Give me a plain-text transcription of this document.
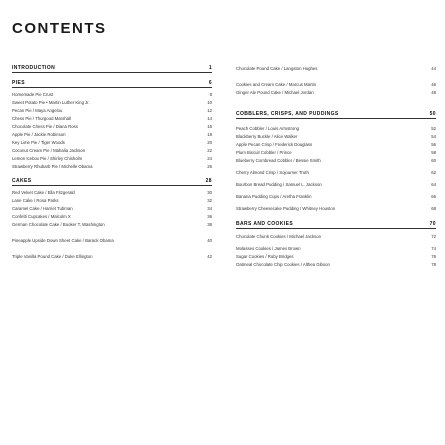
CONTENTS
INTRODUCTION	1
PIES	6
Homemade Pie Crust	8
Sweet Potato Pie • Martin Luther King Jr.	10
Pecan Pie / Maya Angelou	12
Chess Pie / Thurgood Marshall	14
Chocolate Chess Pie / Diana Ross	16
Apple Pie / Jackie Robinson	18
Key Lime Pie / Tiger Woods	20
Coconut Cream Pie / Mahalia Jackson	22
Lemon Icebox Pie / Shirley Chisholm	24
Strawberry Rhubarb Pie / Michelle Obama	26
CAKES	28
Red Velvet Cake / Ella Fitzgerald	30
Lane Cake / Rosa Parks	32
Caramel Cake / Harriet Tubman	34
Confetti Cupcakes / Malcolm X	36
German Chocolate Cake / Booker T. Washington	38
Pineapple Upside Down Sheet Cake / Barack Obama	40
Triple Vanilla Pound Cake / Duke Ellington	42
Chocolate Pound Cake / Langston Hughes	44
Cookies and Cream Cake / Marcus Martin	46
Ginger Ale Pound Cake / Michael Jordan	48
COBBLERS, CRISPS, AND PUDDINGS	50
Peach Cobbler / Louis Armstrong	52
Blackberry Buckle / Alice Walker	54
Apple Pecan Crisp / Frederick Douglass	56
Plum Biscuit Cobbler / Prince	58
Blueberry Cornbread Cobbler / Bessie Smith	60
Cherry Almond Crisp / Sojourner Truth	62
Bourbon Bread Pudding / Samuel L. Jackson	64
Banana Pudding Cups / Aretha Franklin	66
Strawberry Cheesecake Pudding / Whitney Houston	68
BARS AND COOKIES	70
Chocolate Chunk Cookies / Michael Jackson	72
Molasses Cookies / James Brown	74
Sugar Cookies / Ruby Bridges	76
Oatmeal Chocolate Chip Cookies / Althea Gibson	78
